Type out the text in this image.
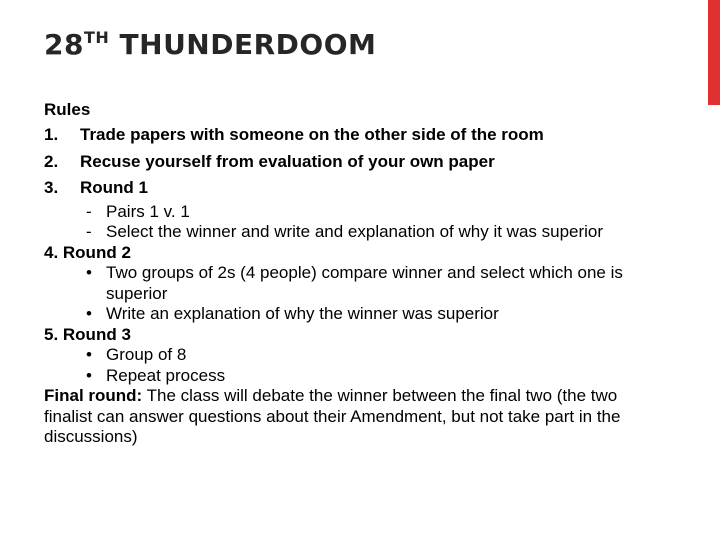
28TH THUNDERDOOM

Rules

1. Trade papers with someone on the other side of the room
2. Recuse yourself from evaluation of your own paper
3. Round 1
- Pairs 1 v. 1
- Select the winner and write and explanation of why it was superior

4. Round 2

• Two groups of 2s (4 people) compare winner and select which one is superior
• Write an explanation of why the winner was superior

5. Round 3

• Group of 8
• Repeat process

Final round: The class will debate the winner between the final two (the two finalist can answer questions about their Amendment, but not take part in the discussions)
